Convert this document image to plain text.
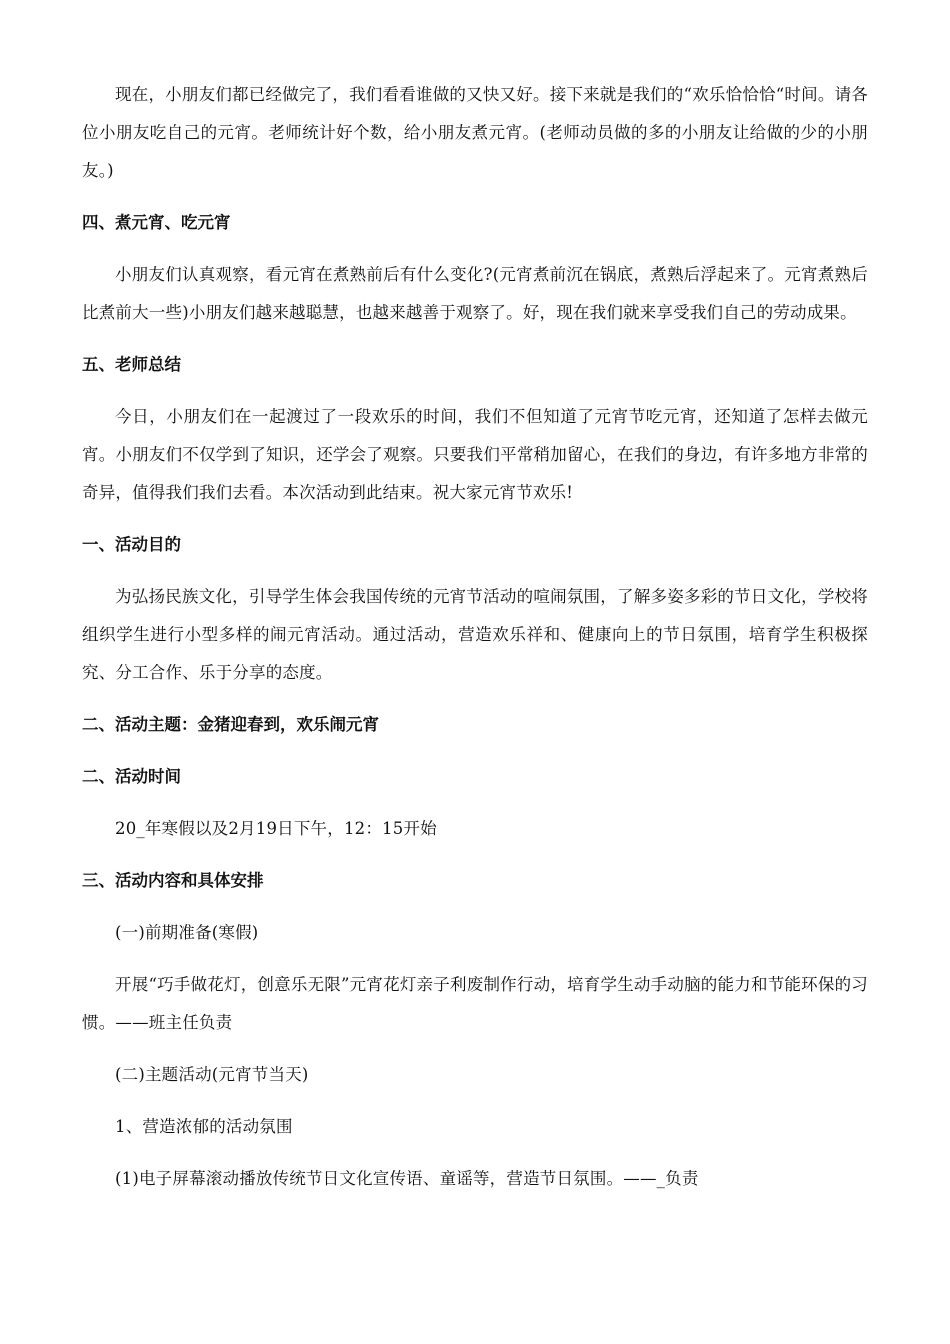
现在，小朋友们都已经做完了，我们看看谁做的又快又好。接下来就是我们的“欢乐恰恰恰“时间。请各位小朋友吃自己的元宵。老师统计好个数，给小朋友煮元宵。(老师动员做的多的小朋友让给做的少的小朋友。)

四、煮元宵、吃元宵

小朋友们认真观察，看元宵在煮熟前后有什么变化?(元宵煮前沉在锅底，煮熟后浮起来了。元宵煮熟后比煮前大一些)小朋友们越来越聪慧，也越来越善于观察了。好，现在我们就来享受我们自己的劳动成果。

五、老师总结

今日，小朋友们在一起渡过了一段欢乐的时间，我们不但知道了元宵节吃元宵，还知道了怎样去做元宵。小朋友们不仅学到了知识，还学会了观察。只要我们平常稍加留心，在我们的身边，有许多地方非常的奇异，值得我们我们去看。本次活动到此结束。祝大家元宵节欢乐!

一、活动目的

为弘扬民族文化，引导学生体会我国传统的元宵节活动的喧闹氛围，了解多姿多彩的节日文化，学校将组织学生进行小型多样的闹元宵活动。通过活动，营造欢乐祥和、健康向上的节日氛围，培育学生积极探究、分工合作、乐于分享的态度。

二、活动主题：金猪迎春到，欢乐闹元宵

二、活动时间

20_年寒假以及2月19日下午，12：15开始

三、活动内容和具体安排

(一)前期准备(寒假)

开展“巧手做花灯，创意乐无限”元宵花灯亲子利废制作行动，培育学生动手动脑的能力和节能环保的习惯。——班主任负责

(二)主题活动(元宵节当天)

1、营造浓郁的活动氛围

(1)电子屏幕滚动播放传统节日文化宣传语、童谣等，营造节日氛围。——_负责
